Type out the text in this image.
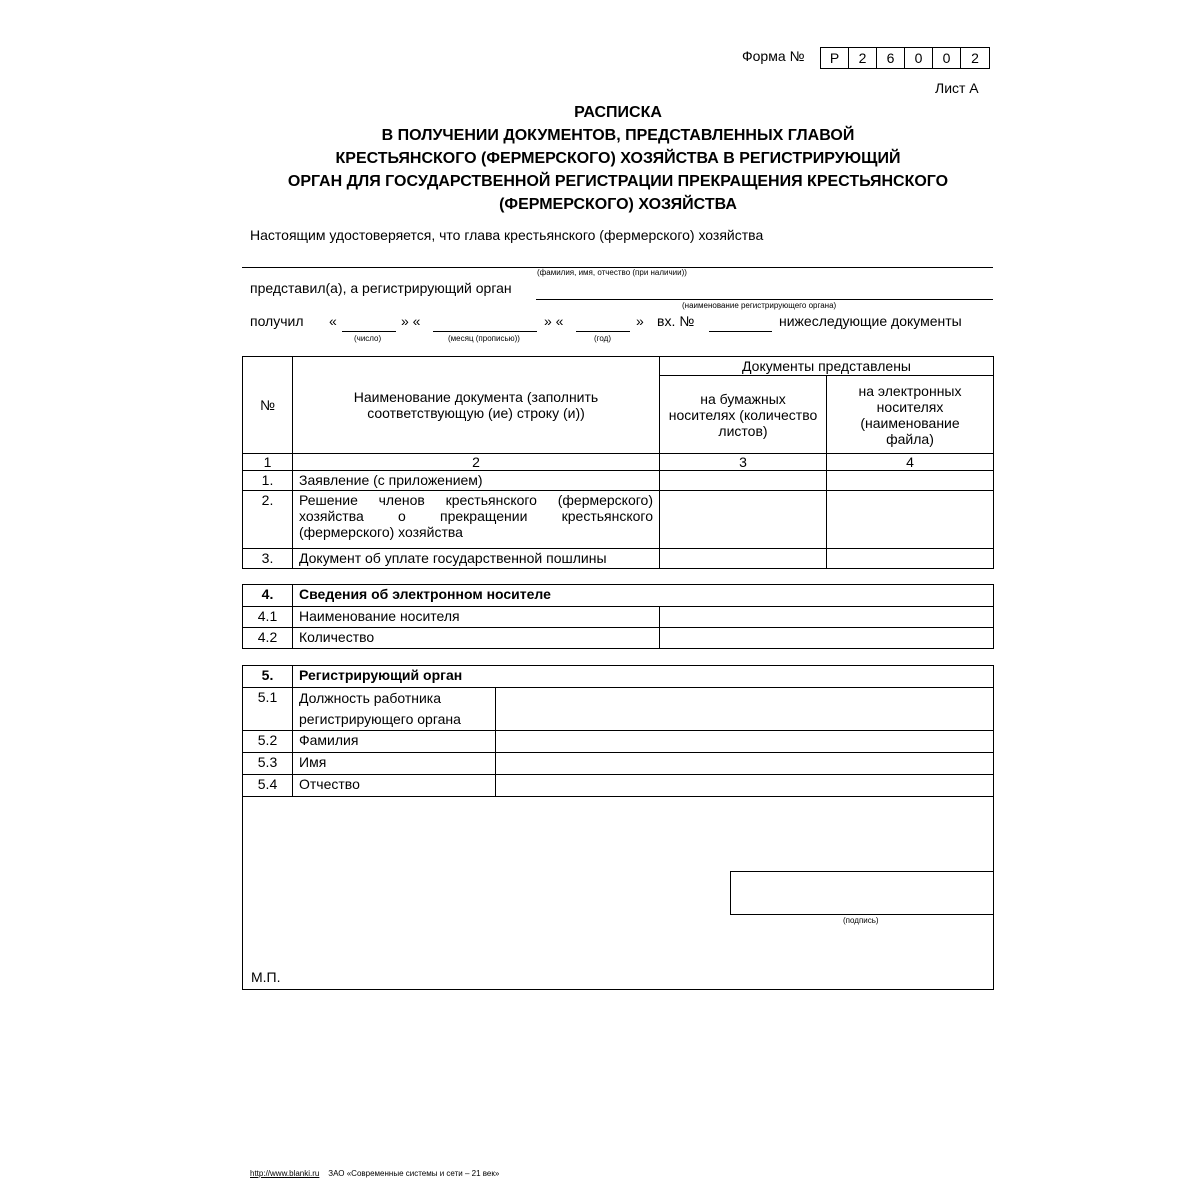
Форма №	Р	2	6	0	0	2
Лист А
РАСПИСКА
В ПОЛУЧЕНИИ ДОКУМЕНТОВ, ПРЕДСТАВЛЕННЫХ ГЛАВОЙ
КРЕСТЬЯНСКОГО (ФЕРМЕРСКОГО) ХОЗЯЙСТВА В РЕГИСТРИРУЮЩИЙ
ОРГАН ДЛЯ ГОСУДАРСТВЕННОЙ РЕГИСТРАЦИИ ПРЕКРАЩЕНИЯ КРЕСТЬЯНСКОГО
(ФЕРМЕРСКОГО) ХОЗЯЙСТВА
Настоящим удостоверяется, что глава крестьянского (фермерского) хозяйства
(фамилия, имя, отчество (при наличии))
представил(а), а регистрирующий орган
(наименование регистрирующего органа)
получил «
(число)
» «
(месяц (прописью))
» «
(год)
» вх. №	нижеследующие документы
№	Наименование документа (заполнить соответствующую (ие) строку (и))	Документы представлены	
		на бумажных носителях (количество листов)	на электронных носителях (наименование файла)
1	2	3	4
1.	Заявление (с приложением)		
2.	Решение членов крестьянского (фермерского) хозяйства о прекращении крестьянского (фермерского) хозяйства		
3.	Документ об уплате государственной пошлины		
4.	Сведения об электронном носителе	
4.1	Наименование носителя	
4.2	Количество	
5.	Регистрирующий орган	
5.1	Должность работника регистрирующего органа	
5.2	Фамилия	
5.3	Имя	
5.4	Отчество	

(подпись)
М.П.		
http://www.blanki.ru ЗАО «Современные системы и сети – 21 век»
